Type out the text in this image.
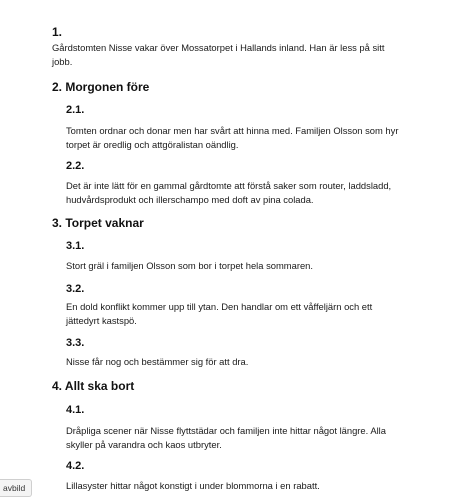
1.
Gårdstomten Nisse vakar över Mossatorpet i Hallands inland. Han är less på sitt
jobb.
2. Morgonen före
2.1.
Tomten ordnar och donar men har svårt att hinna med. Familjen Olsson som hyr
torpet är oredlig och attgöralistan oändlig.
2.2.
Det är inte lätt för en gammal gårdtomte att förstå saker som router, laddsladd,
hudvårdsprodukt och illerschampo med doft av pina colada.
3. Torpet vaknar
3.1.
Stort gräl i familjen Olsson som bor i torpet hela sommaren.
3.2.
En dold konflikt kommer upp till ytan. Den handlar om ett våffeljärn och ett
jättedyrt kastspö.
3.3.
Nisse får nog och bestämmer sig för att dra.
4. Allt ska bort
4.1.
Dråpliga scener när Nisse flyttstädar och familjen inte hittar något längre. Alla
skyller på varandra och kaos utbryter.
4.2.
Lillasyster hittar något konstigt i under blommorna i en rabatt.
avbild
